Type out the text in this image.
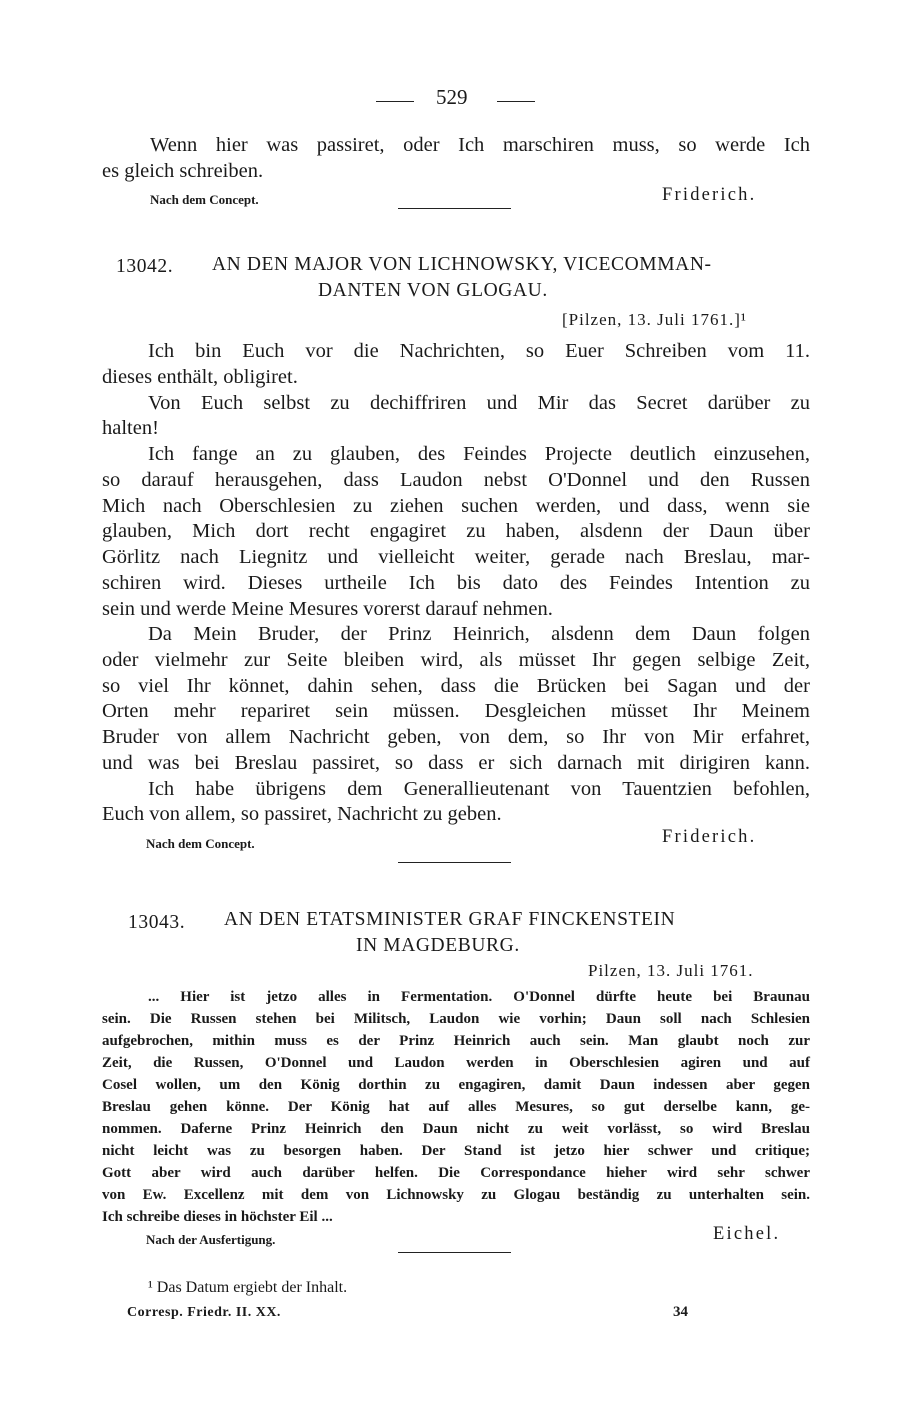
529
Wenn hier was passiret, oder Ich marschiren muss, so werde Ich
es gleich schreiben.
Nach dem Concept.	Friderich.
13042. AN DEN MAJOR VON LICHNOWSKY, VICECOMMAN-
DANTEN VON GLOGAU.
[Pilzen, 13. Juli 1761.]¹
Ich bin Euch vor die Nachrichten, so Euer Schreiben vom 11.
dieses enthält, obligiret.
Von Euch selbst zu dechiffriren und Mir das Secret darüber zu
halten!
Ich fange an zu glauben, des Feindes Projecte deutlich einzusehen,
so darauf herausgehen, dass Laudon nebst O'Donnel und den Russen
Mich nach Oberschlesien zu ziehen suchen werden, und dass, wenn sie
glauben, Mich dort recht engagiret zu haben, alsdenn der Daun über
Görlitz nach Liegnitz und vielleicht weiter, gerade nach Breslau, mar-
schiren wird. Dieses urtheile Ich bis dato des Feindes Intention zu
sein und werde Meine Mesures vorerst darauf nehmen.
Da Mein Bruder, der Prinz Heinrich, alsdenn dem Daun folgen
oder vielmehr zur Seite bleiben wird, als müsset Ihr gegen selbige Zeit,
so viel Ihr könnet, dahin sehen, dass die Brücken bei Sagan und der
Orten mehr repariret sein müssen. Desgleichen müsset Ihr Meinem
Bruder von allem Nachricht geben, von dem, so Ihr von Mir erfahret,
und was bei Breslau passiret, so dass er sich darnach mit dirigiren kann.
Ich habe übrigens dem Generallieutenant von Tauentzien befohlen,
Euch von allem, so passiret, Nachricht zu geben.
Nach dem Concept.	Friderich.
13043. AN DEN ETATSMINISTER GRAF FINCKENSTEIN
IN MAGDEBURG.
Pilzen, 13. Juli 1761.
... Hier ist jetzo alles in Fermentation. O'Donnel dürfte heute bei Braunau
sein. Die Russen stehen bei Militsch, Laudon wie vorhin; Daun soll nach Schlesien
aufgebrochen, mithin muss es der Prinz Heinrich auch sein. Man glaubt noch zur
Zeit, die Russen, O'Donnel und Laudon werden in Oberschlesien agiren und auf
Cosel wollen, um den König dorthin zu engagiren, damit Daun indessen aber gegen
Breslau gehen könne. Der König hat auf alles Mesures, so gut derselbe kann, ge-
nommen. Daferne Prinz Heinrich den Daun nicht zu weit vorlässt, so wird Breslau
nicht leicht was zu besorgen haben. Der Stand ist jetzo hier schwer und critique;
Gott aber wird auch darüber helfen. Die Correspondance hieher wird sehr schwer
von Ew. Excellenz mit dem von Lichnowsky zu Glogau beständig zu unterhalten sein.
Ich schreibe dieses in höchster Eil ...
Nach der Ausfertigung.	Eichel.
¹ Das Datum ergiebt der Inhalt.
Corresp. Friedr. II. XX.	34
